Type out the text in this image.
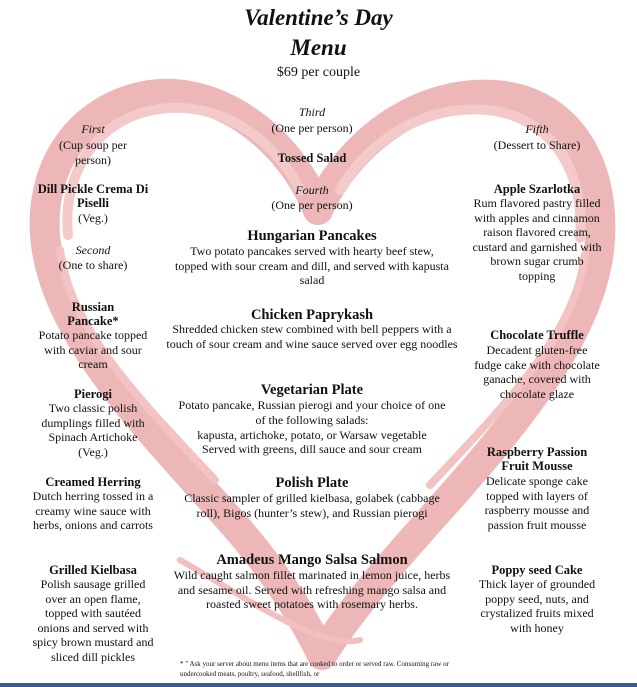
Valentine’s Day
Menu
$69 per couple
First
(Cup soup per person)
Dill Pickle Crema Di Piselli
(Veg.)
Second
(One to share)
Russian Pancake*
Potato pancake topped with caviar and sour cream
Pierogi
Two classic polish dumplings filled with Spinach Artichoke (Veg.)
Creamed Herring
Dutch herring tossed in a creamy wine sauce with herbs, onions and carrots
Grilled Kielbasa
Polish sausage grilled over an open flame, topped with sautéed onions and served with spicy brown mustard and sliced dill pickles
Third
(One per person)
Tossed Salad
Fourth
(One per person)
Hungarian Pancakes
Two potato pancakes served with hearty beef stew, topped with sour cream and dill, and served with kapusta salad
Chicken Paprykash
Shredded chicken stew combined with bell peppers with a touch of sour cream and wine sauce served over egg noodles
Vegetarian Plate
Potato pancake, Russian pierogi and your choice of one of the following salads:
kapusta, artichoke, potato, or Warsaw vegetable
Served with greens, dill sauce and sour cream
Polish Plate
Classic sampler of grilled kielbasa, golabek (cabbage roll), Bigos (hunter’s stew), and Russian pierogi
Amadeus Mango Salsa Salmon
Wild caught salmon fillet marinated in lemon juice, herbs and sesame oil. Served with refreshing mango salsa and roasted sweet potatoes with rosemary herbs.
* " Ask your server about menu items that are cooked to order or served raw. Consuming raw or undercooked meats, poultry, seafood, shellfish, or
Fifth
(Dessert to Share)
Apple Szarlotka
Rum flavored pastry filled with apples and cinnamon raison flavored cream, custard and garnished with brown sugar crumb topping
Chocolate Truffle
Decadent gluten-free fudge cake with chocolate ganache, covered with chocolate glaze
Raspberry Passion Fruit Mousse
Delicate sponge cake topped with layers of raspberry mousse and passion fruit mousse
Poppy seed Cake
Thick layer of grounded poppy seed, nuts, and crystalized fruits mixed with honey
